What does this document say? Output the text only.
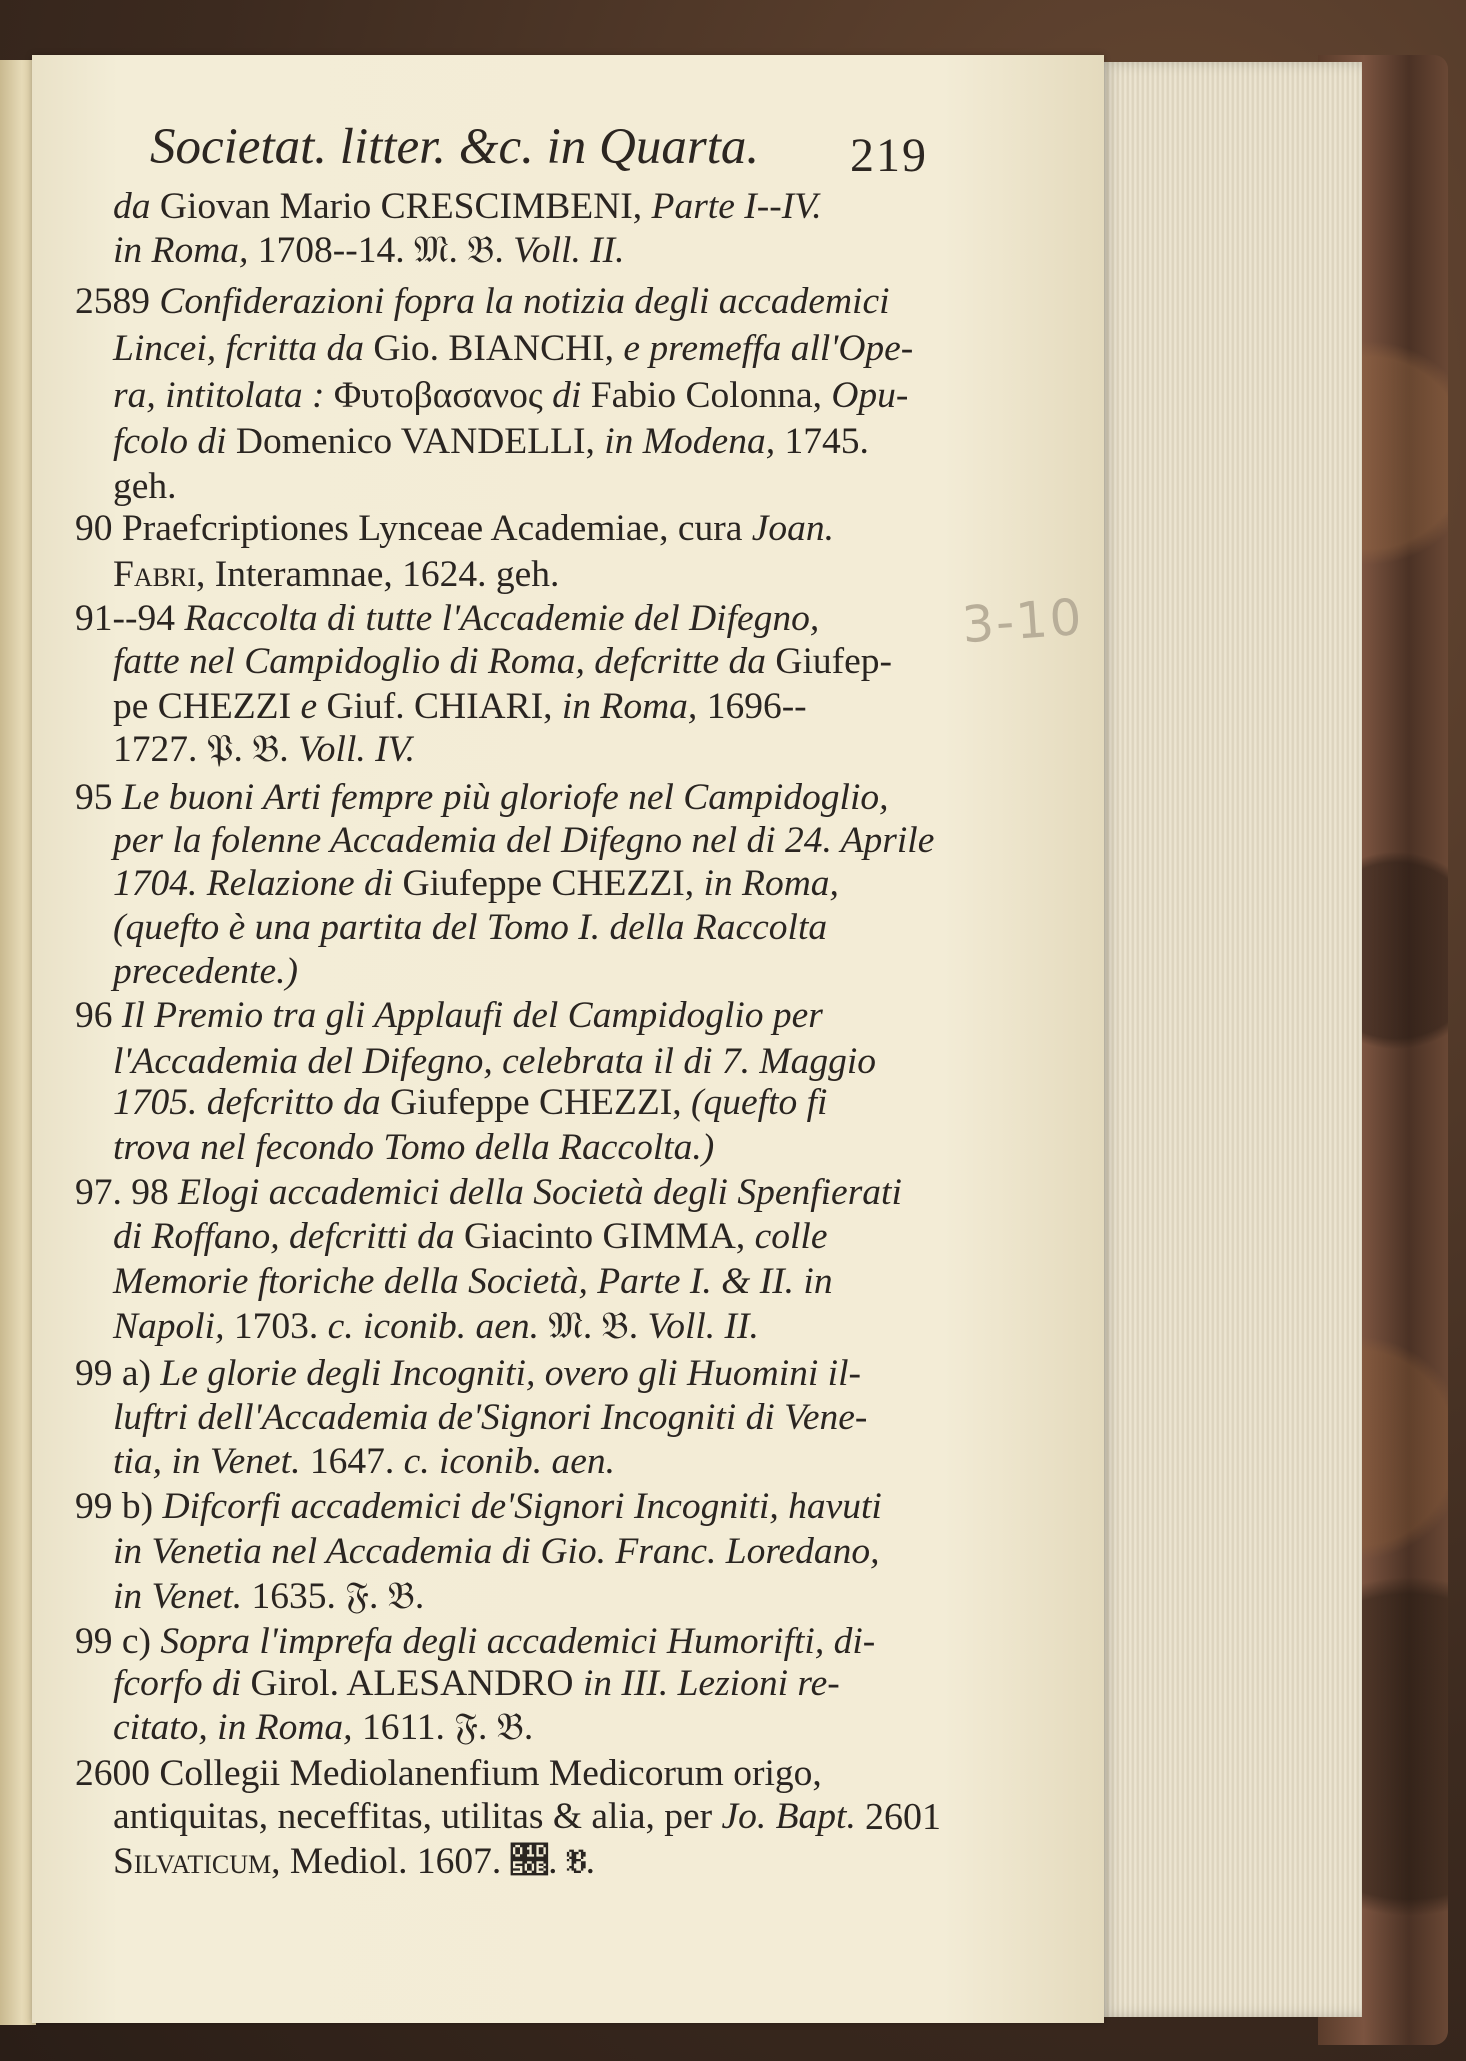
Societat. litter. &c. in Quarta.	219
da Giovan Mario CRESCIMBENI, Parte I--IV.
in Roma, 1708--14. 𝔐. 𝔅. Voll. II.
2589 Confiderazioni fopra la notizia degli accademici
Lincei, fcritta da Gio. BIANCHI, e premeffa all'Ope-
ra, intitolata : Φυτοβασανος di Fabio Colonna, Opu-
fcolo di Domenico VANDELLI, in Modena, 1745.
geh.
90 Praefcriptiones Lynceae Academiae, cura Joan.
Fabri, Interamnae, 1624. geh.
91--94 Raccolta di tutte l'Accademie del Difegno,
fatte nel Campidoglio di Roma, defcritte da Giufep-
pe CHEZZI e Giuf. CHIARI, in Roma, 1696--
1727. 𝔓. 𝔅. Voll. IV.
95 Le buoni Arti fempre più gloriofe nel Campidoglio,
per la folenne Accademia del Difegno nel di 24. Aprile
1704. Relazione di Giufeppe CHEZZI, in Roma,
(quefto è una partita del Tomo I. della Raccolta
precedente.)
96 Il Premio tra gli Applaufi del Campidoglio per
l'Accademia del Difegno, celebrata il di 7. Maggio
1705. defcritto da Giufeppe CHEZZI, (quefto fi
trova nel fecondo Tomo della Raccolta.)
97. 98 Elogi accademici della Società degli Spenfierati
di Roffano, defcritti da Giacinto GIMMA, colle
Memorie ftoriche della Società, Parte I. & II. in
Napoli, 1703. c. iconib. aen. 𝔐. 𝔅. Voll. II.
99 a) Le glorie degli Incogniti, overo gli Huomini il-
luftri dell'Accademia de'Signori Incogniti di Vene-
tia, in Venet. 1647. c. iconib. aen.
99 b) Difcorfi accademici de'Signori Incogniti, havuti
in Venetia nel Accademia di Gio. Franc. Loredano,
in Venet. 1635. 𝔉. 𝔅.
99 c) Sopra l'imprefa degli accademici Humorifti, di-
fcorfo di Girol. ALESANDRO in III. Lezioni re-
citato, in Roma, 1611. 𝔉. 𝔅.
2600 Collegii Mediolanenfium Medicorum origo,
antiquitas, neceffitas, utilitas & alia, per Jo. Bapt.
Silvaticum, Mediol. 1607. 𝔋. 𝔅.
2601
3-10
